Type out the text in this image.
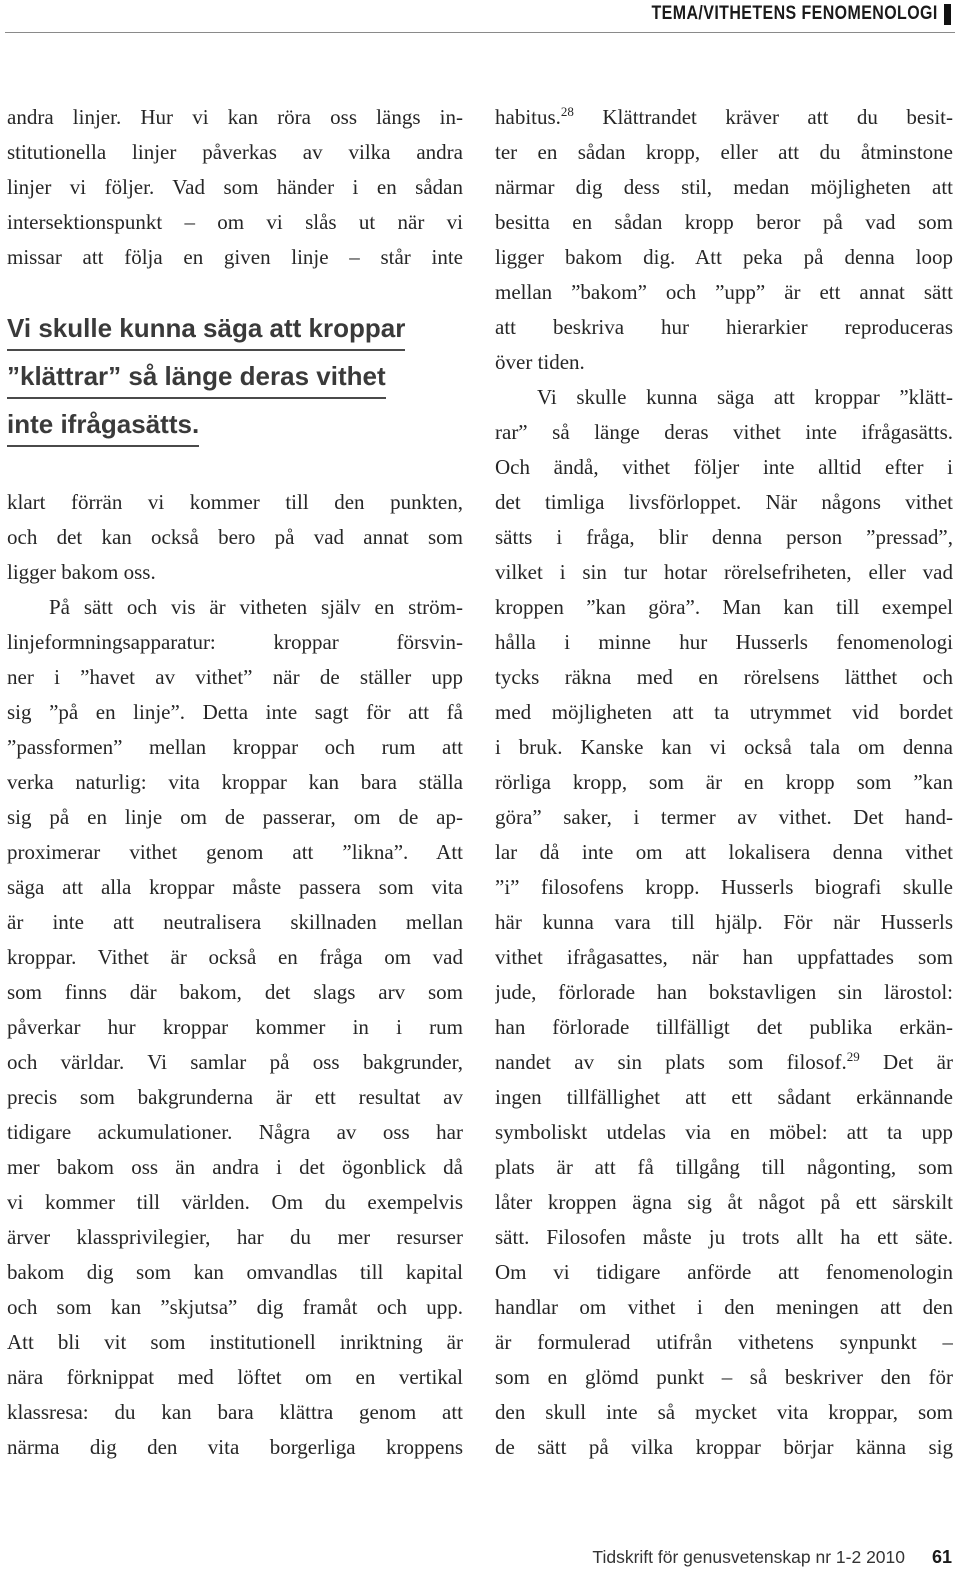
TEMA/VITHETENS FENOMENOLOGI
andra linjer. Hur vi kan röra oss längs in-
stitutionella linjer påverkas av vilka andra
linjer vi följer. Vad som händer i en sådan
intersektionspunkt – om vi slås ut när vi
missar att följa en given linje – står inte
Vi skulle kunna säga att kroppar
”klättrar” så länge deras vithet
inte ifrågasätts.
klart förrän vi kommer till den punkten,
och det kan också bero på vad annat som
ligger bakom oss.
På sätt och vis är vitheten själv en ström-
linjeformningsapparatur: kroppar försvin-
ner i ”havet av vithet” när de ställer upp
sig ”på en linje”. Detta inte sagt för att få
”passformen” mellan kroppar och rum att
verka naturlig: vita kroppar kan bara ställa
sig på en linje om de passerar, om de ap-
proximerar vithet genom att ”likna”. Att
säga att alla kroppar måste passera som vita
är inte att neutralisera skillnaden mellan
kroppar. Vithet är också en fråga om vad
som finns där bakom, det slags arv som
påverkar hur kroppar kommer in i rum
och världar. Vi samlar på oss bakgrunder,
precis som bakgrunderna är ett resultat av
tidigare ackumulationer. Några av oss har
mer bakom oss än andra i det ögonblick då
vi kommer till världen. Om du exempelvis
ärver klassprivilegier, har du mer resurser
bakom dig som kan omvandlas till kapital
och som kan ”skjutsa” dig framåt och upp.
Att bli vit som institutionell inriktning är
nära förknippat med löftet om en vertikal
klassresa: du kan bara klättra genom att
närma dig den vita borgerliga kroppens
habitus.$^{28}$ Klättrandet kräver att du besit-
ter en sådan kropp, eller att du åtminstone
närmar dig dess stil, medan möjligheten att
besitta en sådan kropp beror på vad som
ligger bakom dig. Att peka på denna loop
mellan ”bakom” och ”upp” är ett annat sätt
att beskriva hur hierarkier reproduceras
över tiden.
Vi skulle kunna säga att kroppar ”klätt-
rar” så länge deras vithet inte ifrågasätts.
Och ändå, vithet följer inte alltid efter i
det timliga livsförloppet. När någons vithet
sätts i fråga, blir denna person ”pressad”,
vilket i sin tur hotar rörelsefriheten, eller vad
kroppen ”kan göra”. Man kan till exempel
hålla i minne hur Husserls fenomenologi
tycks räkna med en rörelsens lätthet och
med möjligheten att ta utrymmet vid bordet
i bruk. Kanske kan vi också tala om denna
rörliga kropp, som är en kropp som ”kan
göra” saker, i termer av vithet. Det hand-
lar då inte om att lokalisera denna vithet
”i” filosofens kropp. Husserls biografi skulle
här kunna vara till hjälp. För när Husserls
vithet ifrågasattes, när han uppfattades som
jude, förlorade han bokstavligen sin lärostol:
han förlorade tillfälligt det publika erkän-
nandet av sin plats som filosof.$^{29}$ Det är
ingen tillfällighet att ett sådant erkännande
symboliskt utdelas via en möbel: att ta upp
plats är att få tillgång till någonting, som
låter kroppen ägna sig åt något på ett särskilt
sätt. Filosofen måste ju trots allt ha ett säte.
Om vi tidigare anförde att fenomenologin
handlar om vithet i den meningen att den
är formulerad utifrån vithetens synpunkt –
som en glömd punkt – så beskriver den för
den skull inte så mycket vita kroppar, som
de sätt på vilka kroppar börjar känna sig
Tidskrift för genusvetenskap nr 1-2 2010 61
